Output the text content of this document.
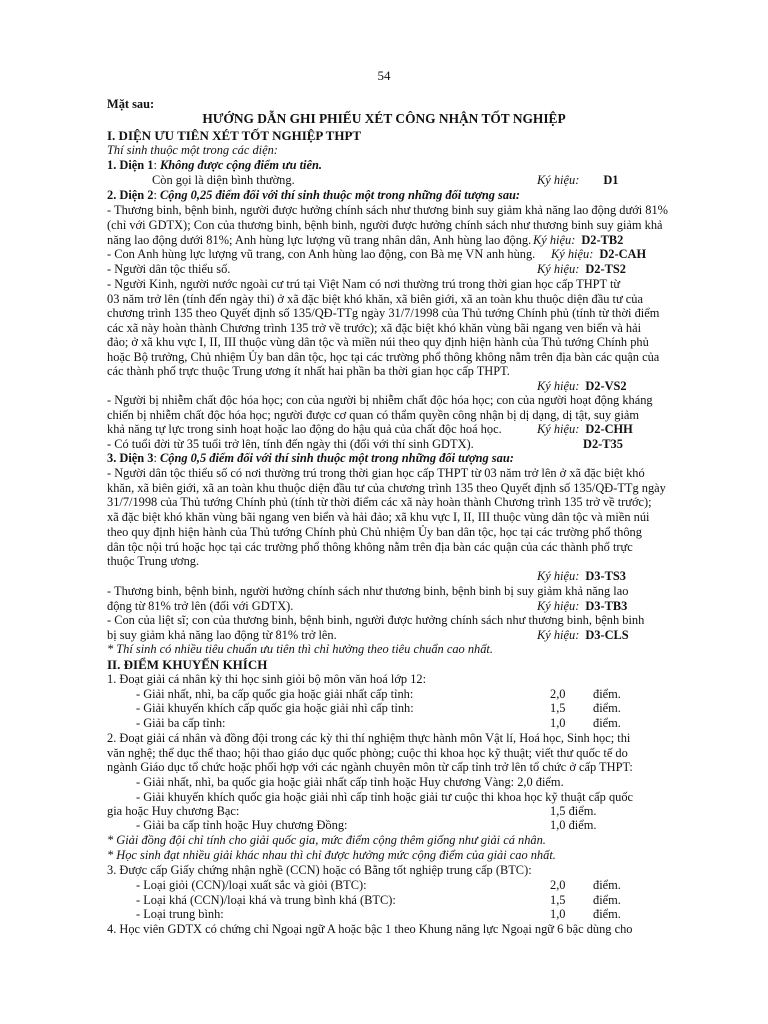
54
Mặt sau:
HƯỚNG DẪN GHI PHIẾU XÉT CÔNG NHẬN TỐT NGHIỆP
I. DIỆN ƯU TIÊN XÉT TỐT NGHIỆP THPT
Thí sinh thuộc một trong các diện:
1. Diện 1: Không được cộng điểm ưu tiên.
Còn gọi là diện bình thường.	Ký hiệu: D1
2. Diện 2: Cộng 0,25 điểm đối với thí sinh thuộc một trong những đối tượng sau:
- Thương binh, bệnh binh, người được hưởng chính sách như thương binh suy giảm khả năng lao động dưới 81%
(chỉ với GDTX); Con của thương binh, bệnh binh, người được hưởng chính sách như thương binh suy giảm khả
năng lao động dưới 81%; Anh hùng lực lượng vũ trang nhân dân, Anh hùng lao động. Ký hiệu: D2-TB2
- Con Anh hùng lực lượng vũ trang, con Anh hùng lao động, con Bà mẹ VN anh hùng. Ký hiệu: D2-CAH
- Người dân tộc thiểu số.	Ký hiệu: D2-TS2
- Người Kinh, người nước ngoài cư trú tại Việt Nam có nơi thường trú trong thời gian học cấp THPT từ
03 năm trở lên (tính đến ngày thi) ở xã đặc biệt khó khăn, xã biên giới, xã an toàn khu thuộc diện đầu tư của
chương trình 135 theo Quyết định số 135/QĐ-TTg ngày 31/7/1998 của Thủ tướng Chính phủ (tính từ thời điểm
các xã này hoàn thành Chương trình 135 trở về trước); xã đặc biệt khó khăn vùng bãi ngang ven biển và hải
đảo; ở xã khu vực I, II, III thuộc vùng dân tộc và miền núi theo quy định hiện hành của Thủ tướng Chính phủ
hoặc Bộ trưởng, Chủ nhiệm Ủy ban dân tộc, học tại các trường phổ thông không nằm trên địa bàn các quận của
các thành phố trực thuộc Trung ương ít nhất hai phần ba thời gian học cấp THPT.
Ký hiệu: D2-VS2
- Người bị nhiễm chất độc hóa học; con của người bị nhiễm chất độc hóa học; con của người hoạt động kháng
chiến bị nhiễm chất độc hóa học; người được cơ quan có thẩm quyền công nhận bị dị dạng, dị tật, suy giảm
khả năng tự lực trong sinh hoạt hoặc lao động do hậu quả của chất độc hoá học.	Ký hiệu: D2-CHH
- Có tuổi đời từ 35 tuổi trở lên, tính đến ngày thi (đối với thí sinh GDTX).	D2-T35
3. Diện 3: Cộng 0,5 điểm đối với thí sinh thuộc một trong những đối tượng sau:
- Người dân tộc thiểu số có nơi thường trú trong thời gian học cấp THPT từ 03 năm trở lên ở xã đặc biệt khó
khăn, xã biên giới, xã an toàn khu thuộc diện đầu tư của chương trình 135 theo Quyết định số 135/QĐ-TTg ngày
31/7/1998 của Thủ tướng Chính phủ (tính từ thời điểm các xã này hoàn thành Chương trình 135 trở về trước);
xã đặc biệt khó khăn vùng bãi ngang ven biển và hải đảo; xã khu vực I, II, III thuộc vùng dân tộc và miền núi
theo quy định hiện hành của Thủ tướng Chính phủ Chủ nhiệm Ủy ban dân tộc, học tại các trường phổ thông
dân tộc nội trú hoặc học tại các trường phổ thông không nằm trên địa bàn các quận của các thành phố trực
thuộc Trung ương.
Ký hiệu: D3-TS3
- Thương binh, bệnh binh, người hưởng chính sách như thương binh, bệnh binh bị suy giảm khả năng lao
động từ 81% trở lên (đối với GDTX).	Ký hiệu: D3-TB3
- Con của liệt sĩ; con của thương binh, bệnh binh, người được hưởng chính sách như thương binh, bệnh binh
bị suy giảm khả năng lao động từ 81% trở lên.	Ký hiệu: D3-CLS
* Thí sinh có nhiều tiêu chuẩn ưu tiên thì chỉ hưởng theo tiêu chuẩn cao nhất.
II. ĐIỂM KHUYẾN KHÍCH
1. Đoạt giải cá nhân kỳ thi học sinh giỏi bộ môn văn hoá lớp 12:
- Giải nhất, nhì, ba cấp quốc gia hoặc giải nhất cấp tỉnh:	2,0 điểm.
- Giải khuyến khích cấp quốc gia hoặc giải nhì cấp tỉnh:	1,5 điểm.
- Giải ba cấp tỉnh:	1,0 điểm.
2. Đoạt giải cá nhân và đồng đội trong các kỳ thi thí nghiệm thực hành môn Vật lí, Hoá học, Sinh học; thi
văn nghệ; thể dục thể thao; hội thao giáo dục quốc phòng; cuộc thi khoa học kỹ thuật; viết thư quốc tế do
ngành Giáo dục tổ chức hoặc phối hợp với các ngành chuyên môn từ cấp tỉnh trở lên tổ chức ở cấp THPT:
- Giải nhất, nhì, ba quốc gia hoặc giải nhất cấp tỉnh hoặc Huy chương Vàng: 2,0 điểm.
- Giải khuyến khích quốc gia hoặc giải nhì cấp tỉnh hoặc giải tư cuộc thi khoa học kỹ thuật cấp quốc
gia hoặc Huy chương Bạc:	1,5 điểm.
- Giải ba cấp tỉnh hoặc Huy chương Đồng:	1,0 điểm.
* Giải đồng đội chỉ tính cho giải quốc gia, mức điểm cộng thêm giống như giải cá nhân.
* Học sinh đạt nhiều giải khác nhau thì chỉ được hưởng mức cộng điểm của giải cao nhất.
3. Được cấp Giấy chứng nhận nghề (CCN) hoặc có Bằng tốt nghiệp trung cấp (BTC):
- Loại giỏi (CCN)/loại xuất sắc và giỏi (BTC):	2,0 điểm.
- Loại khá (CCN)/loại khá và trung bình khá (BTC):	1,5 điểm.
- Loại trung bình:	1,0 điểm.
4. Học viên GDTX có chứng chỉ Ngoại ngữ A hoặc bậc 1 theo Khung năng lực Ngoại ngữ 6 bậc dùng cho
